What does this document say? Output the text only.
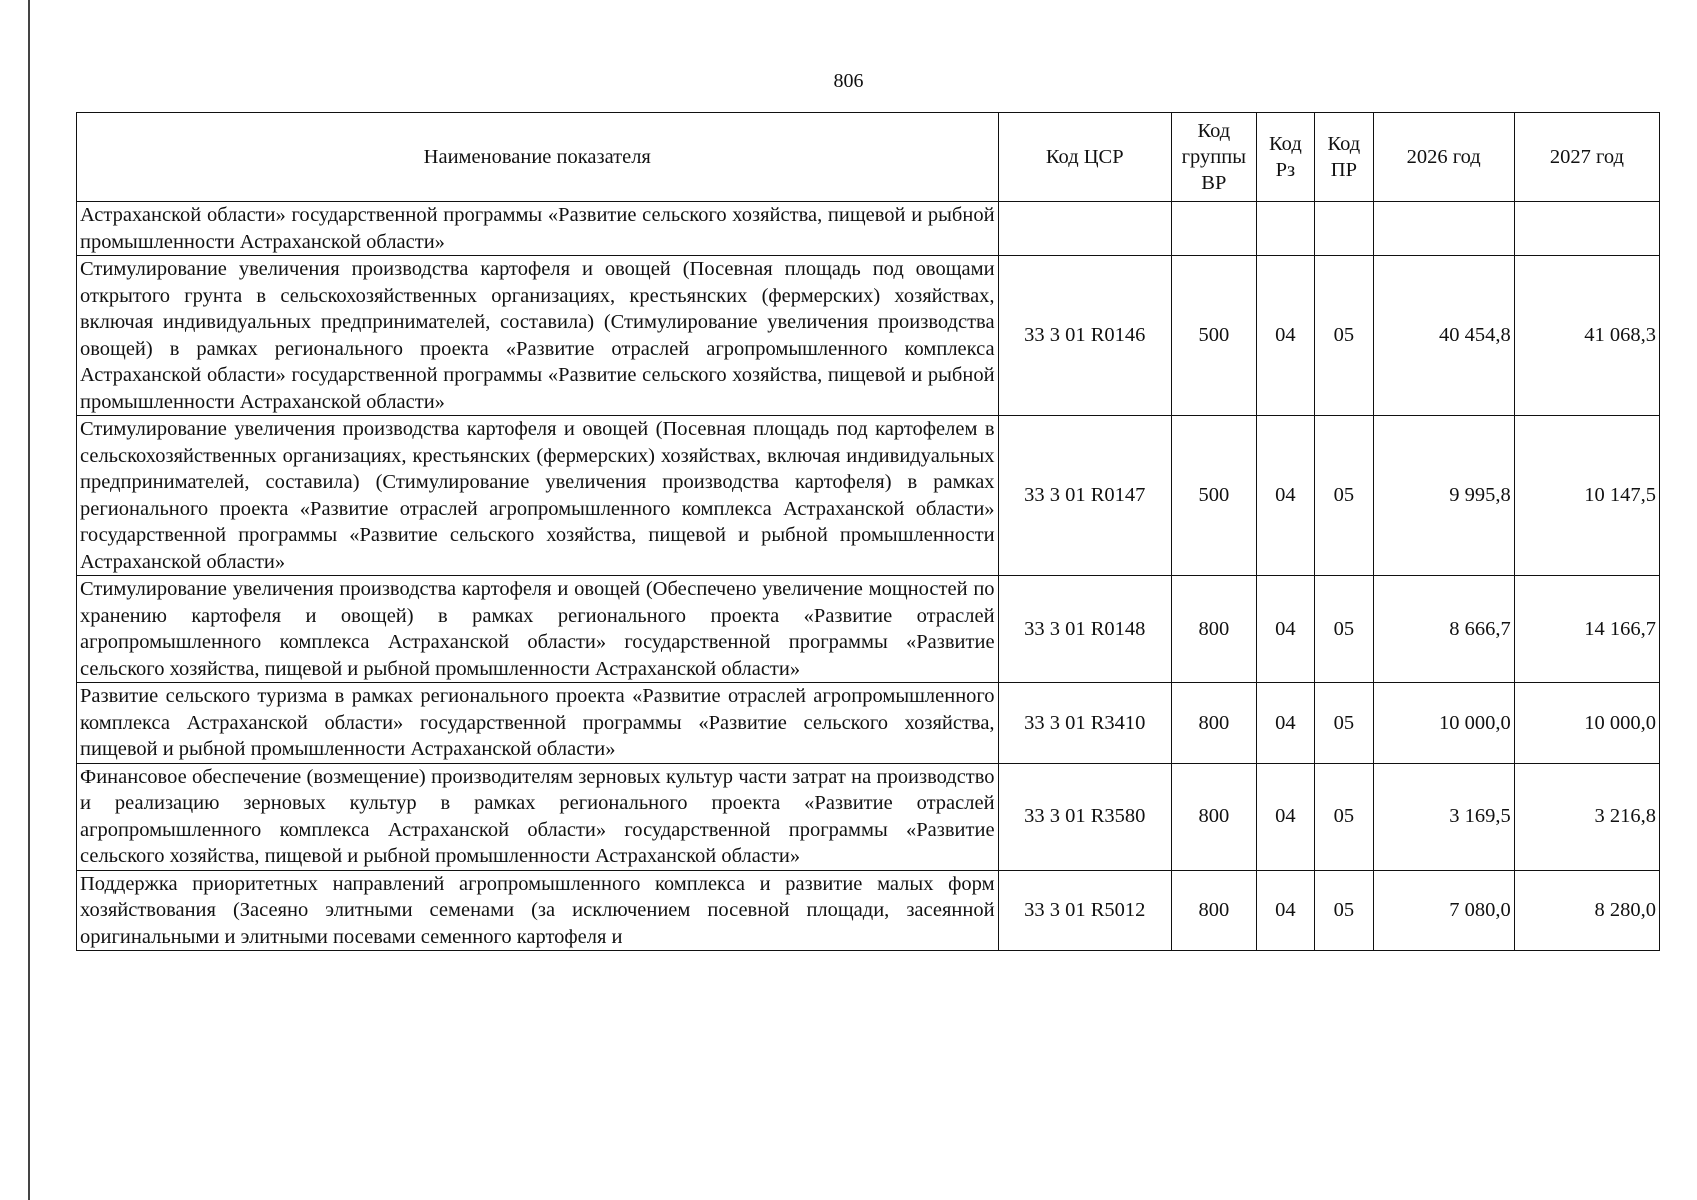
806
Наименование показателя	Код ЦСР	Код группы ВР	Код Рз	Код ПР	2026 год	2027 год
Астраханской области» государственной программы «Развитие сельского хозяйства, пищевой и рыбной промышленности Астраханской области»						
Стимулирование увеличения производства картофеля и овощей (Посевная площадь под овощами открытого грунта в сельскохозяйственных организациях, крестьянских (фермерских) хозяйствах, включая индивидуальных предпринимателей, составила) (Стимулирование увеличения производства овощей) в рамках регионального проекта «Развитие отраслей агропромышленного комплекса Астраханской области» государственной программы «Развитие сельского хозяйства, пищевой и рыбной промышленности Астраханской области»	33 3 01 R0146	500	04	05	40 454,8	41 068,3
Стимулирование увеличения производства картофеля и овощей (Посевная площадь под картофелем в сельскохозяйственных организациях, крестьянских (фермерских) хозяйствах, включая индивидуальных предпринимателей, составила) (Стимулирование увеличения производства картофеля) в рамках регионального проекта «Развитие отраслей агропромышленного комплекса Астраханской области» государственной программы «Развитие сельского хозяйства, пищевой и рыбной промышленности Астраханской области»	33 3 01 R0147	500	04	05	9 995,8	10 147,5
Стимулирование увеличения производства картофеля и овощей (Обеспечено увеличение мощностей по хранению картофеля и овощей) в рамках регионального проекта «Развитие отраслей агропромышленного комплекса Астраханской области» государственной программы «Развитие сельского хозяйства, пищевой и рыбной промышленности Астраханской области»	33 3 01 R0148	800	04	05	8 666,7	14 166,7
Развитие сельского туризма в рамках регионального проекта «Развитие отраслей агропромышленного комплекса Астраханской области» государственной программы «Развитие сельского хозяйства, пищевой и рыбной промышленности Астраханской области»	33 3 01 R3410	800	04	05	10 000,0	10 000,0
Финансовое обеспечение (возмещение) производителям зерновых культур части затрат на производство и реализацию зерновых культур в рамках регионального проекта «Развитие отраслей агропромышленного комплекса Астраханской области» государственной программы «Развитие сельского хозяйства, пищевой и рыбной промышленности Астраханской области»	33 3 01 R3580	800	04	05	3 169,5	3 216,8
Поддержка приоритетных направлений агропромышленного комплекса и развитие малых форм хозяйствования (Засеяно элитными семенами (за исключением посевной площади, засеянной оригинальными и элитными посевами семенного картофеля и	33 3 01 R5012	800	04	05	7 080,0	8 280,0
